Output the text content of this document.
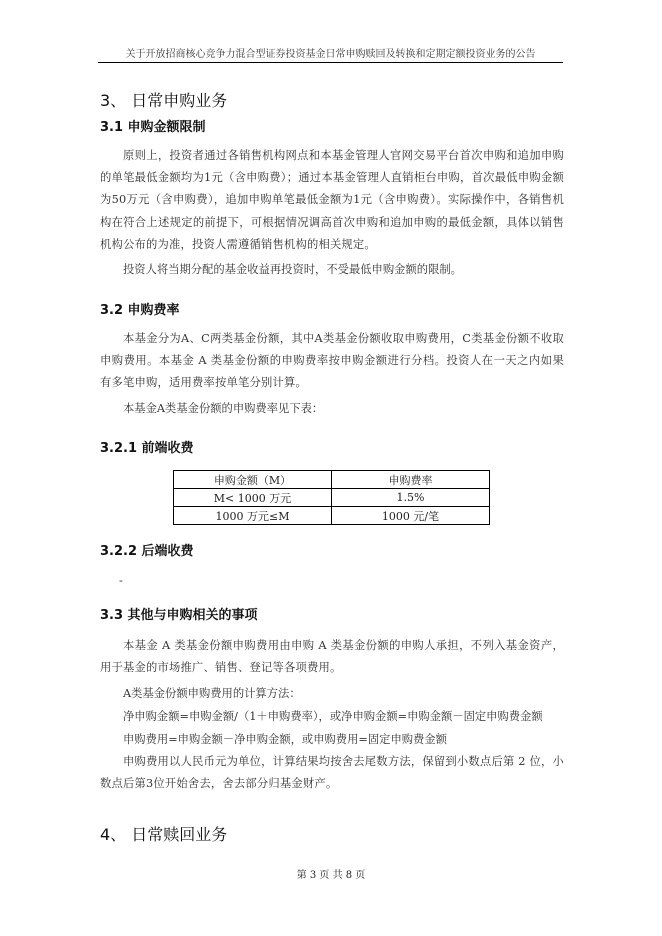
关于开放招商核心竞争力混合型证券投资基金日常申购赎回及转换和定期定额投资业务的公告
3、 日常申购业务
3.1 申购金额限制
原则上，投资者通过各销售机构网点和本基金管理人官网交易平台首次申购和追加申购的单笔最低金额均为1元（含申购费）；通过本基金管理人直销柜台申购，首次最低申购金额为50万元（含申购费），追加申购单笔最低金额为1元（含申购费）。实际操作中，各销售机构在符合上述规定的前提下，可根据情况调高首次申购和追加申购的最低金额，具体以销售机构公布的为准，投资人需遵循销售机构的相关规定。
投资人将当期分配的基金收益再投资时，不受最低申购金额的限制。
3.2 申购费率
本基金分为A、C两类基金份额，其中A类基金份额收取申购费用，C类基金份额不收取申购费用。本基金 A 类基金份额的申购费率按申购金额进行分档。投资人在一天之内如果有多笔申购，适用费率按单笔分别计算。
本基金A类基金份额的申购费率见下表：
3.2.1 前端收费
申购金额（M）	申购费率
M< 1000 万元	1.5%
1000 万元≤M	1000 元/笔
3.2.2 后端收费
-
3.3 其他与申购相关的事项
本基金 A 类基金份额申购费用由申购 A 类基金份额的申购人承担，不列入基金资产，用于基金的市场推广、销售、登记等各项费用。
A类基金份额申购费用的计算方法：
净申购金额=申购金额/（1＋申购费率），或净申购金额=申购金额－固定申购费金额
申购费用=申购金额－净申购金额，或申购费用=固定申购费金额
申购费用以人民币元为单位，计算结果均按舍去尾数方法，保留到小数点后第 2 位，小数点后第3位开始舍去，舍去部分归基金财产。
4、 日常赎回业务
第 3 页 共 8 页
